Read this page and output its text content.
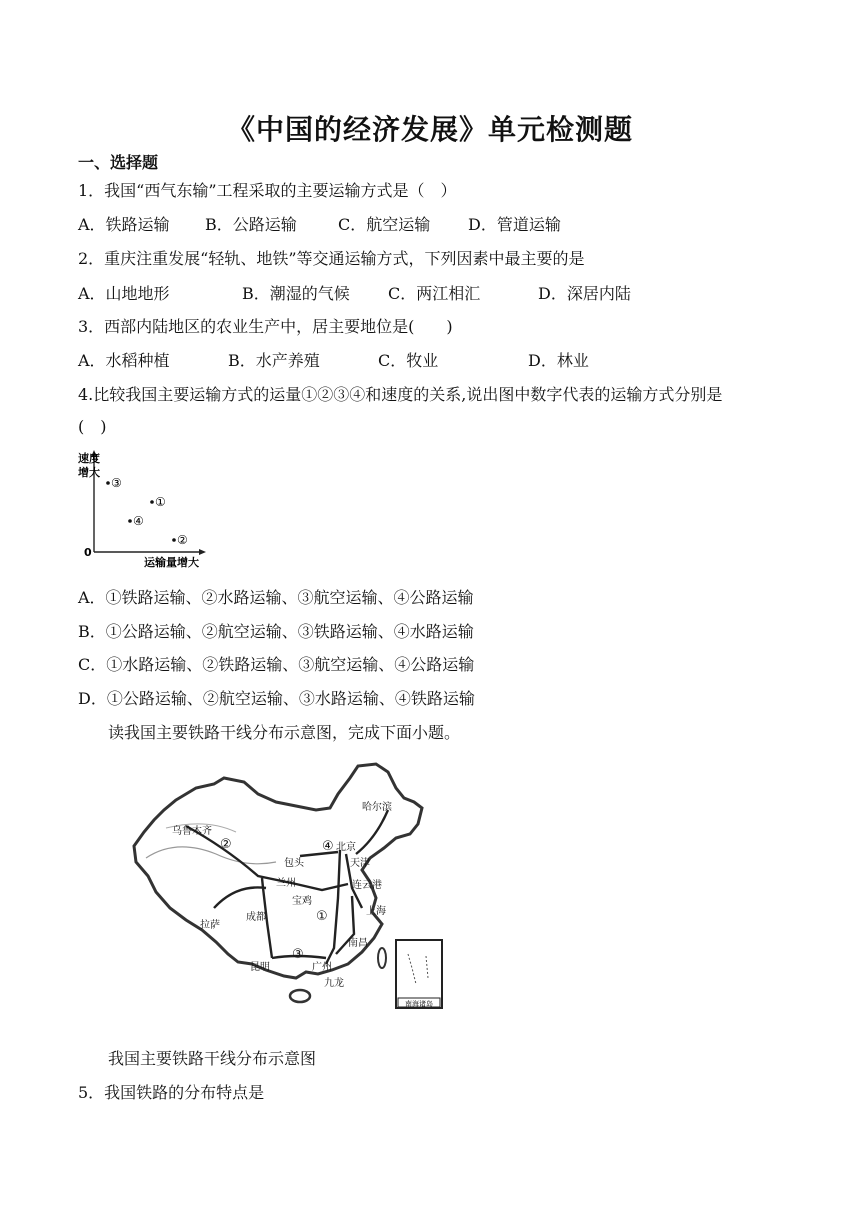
《中国的经济发展》单元检测题
一、选择题
1．我国“西气东输”工程采取的主要运输方式是（　）
A．铁路运输 B．公路运输	C．航空运输 D．管道运输
2．重庆注重发展“轻轨、地铁”等交通运输方式，下列因素中最主要的是
A．山地地形	B．潮湿的气候 C．两江相汇	D．深居内陆
3．西部内陆地区的农业生产中，居主要地位是(　　)
A．水稻种植	B．水产养殖	C．牧业	D．林业
4.比较我国主要运输方式的运量①②③④和速度的关系,说出图中数字代表的运输方式分别是
(　)
速度
增大
0
运输量增大
③
①
④
②
A．①铁路运输、②水路运输、③航空运输、④公路运输
B．①公路运输、②航空运输、③铁路运输、④水路运输
C．①水路运输、②铁路运输、③航空运输、④公路运输
D．①公路运输、②航空运输、③水路运输、④铁路运输
读我国主要铁路干线分布示意图，完成下面小题。
南海诸岛
哈尔滨
乌鲁木齐
北京
天津
包头
兰州	连云港
宝鸡
上海
拉萨
成都
南昌
昆明	广州
九龙
①
②
③
④
我国主要铁路干线分布示意图
5．我国铁路的分布特点是
